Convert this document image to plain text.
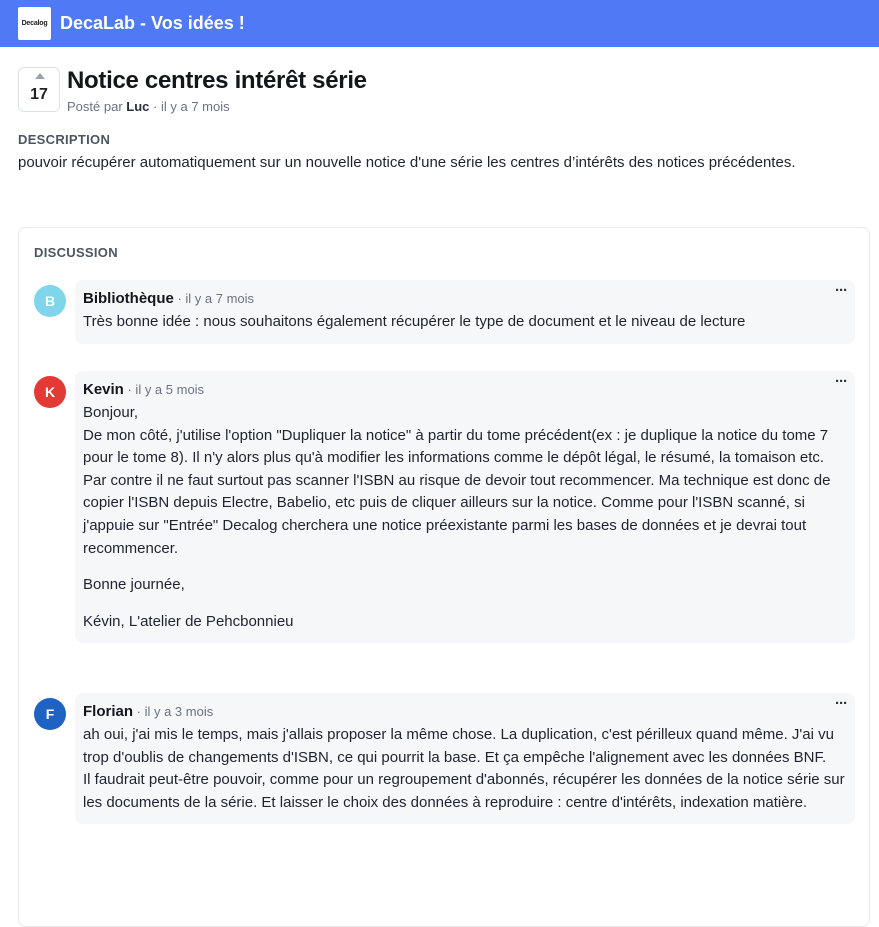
Decalog DecaLab - Vos idées !
17
Notice centres intérêt série
Posté par Luc · il y a 7 mois
DESCRIPTION

pouvoir récupérer automatiquement sur un nouvelle notice d'une série les centres d’intérêts des notices précédentes.

DISCUSSION
B	Bibliothèque · il y a 7 mois	···

Très bonne idée : nous souhaitons également récupérer le type de document et le niveau de lecture

K	Kevin · il y a 5 mois	···

Bonjour,
De mon côté, j'utilise l'option "Dupliquer la notice" à partir du tome précédent(ex : je duplique la notice du tome 7 pour le tome 8). Il n'y alors plus qu'à modifier les informations comme le dépôt légal, le résumé, la tomaison etc.
Par contre il ne faut surtout pas scanner l'ISBN au risque de devoir tout recommencer. Ma technique est donc de copier l'ISBN depuis Electre, Babelio, etc puis de cliquer ailleurs sur la notice. Comme pour l'ISBN scanné, si j'appuie sur "Entrée" Decalog cherchera une notice préexistante parmi les bases de données et je devrai tout recommencer.

Bonne journée,

Kévin, L'atelier de Pehcbonnieu

F	Florian · il y a 3 mois	···

ah oui, j'ai mis le temps, mais j'allais proposer la même chose. La duplication, c'est périlleux quand même. J'ai vu trop d'oublis de changements d'ISBN, ce qui pourrit la base. Et ça empêche l'alignement avec les données BNF.
Il faudrait peut-être pouvoir, comme pour un regroupement d'abonnés, récupérer les données de la notice série sur les documents de la série. Et laisser le choix des données à reproduire : centre d'intérêts, indexation matière.
